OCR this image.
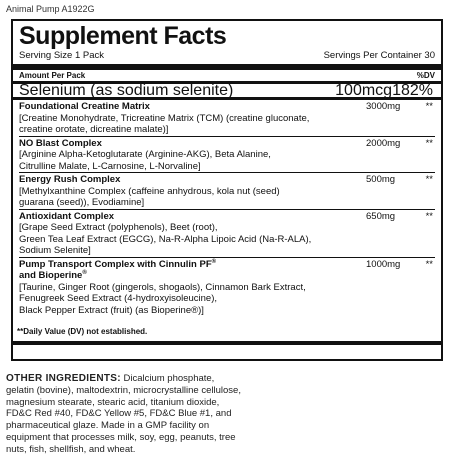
Animal Pump A1922G
Supplement Facts
Serving Size 1 Pack	Servings Per Container 30
Amount Per Pack	%DV
Selenium (as sodium selenite)	100mcg 182%
Foundational Creatine Matrix	3000mg	**
[Creatine Monohydrate, Tricreatine Matrix (TCM) (creatine gluconate,
creatine orotate, dicreatine malate)]
NO Blast Complex	2000mg	**
[Arginine Alpha-Ketoglutarate (Arginine-AKG), Beta Alanine,
Citrulline Malate, L-Carnosine, L-Norvaline]
Energy Rush Complex	500mg	**
[Methylxanthine Complex (caffeine anhydrous, kola nut (seed)
guarana (seed)), Evodiamine]
Antioxidant Complex	650mg	**
[Grape Seed Extract (polyphenols), Beet (root),
Green Tea Leaf Extract (EGCG), Na-R-Alpha Lipoic Acid (Na-R-ALA),
Sodium Selenite]
Pump Transport Complex with Cinnulin PF®
and Bioperine®
1000mg	**
[Taurine, Ginger Root (gingerols, shogaols), Cinnamon Bark Extract,
Fenugreek Seed Extract (4-hydroxyisoleucine),
Black Pepper Extract (fruit) (as Bioperine®)]
OTHER INGREDIENTS: Dicalcium phosphate, gelatin (bovine), maltodextrin, microcrystalline cellulose, magnesium stearate, stearic acid, titanium dioxide, FD&C Red #40, FD&C Yellow #5, FD&C Blue #1, and pharmaceutical glaze. Made in a GMP facility on equipment that processes milk, soy, egg, peanuts, tree nuts, fish, shellfish, and wheat.
**Daily Value (DV) not established.
